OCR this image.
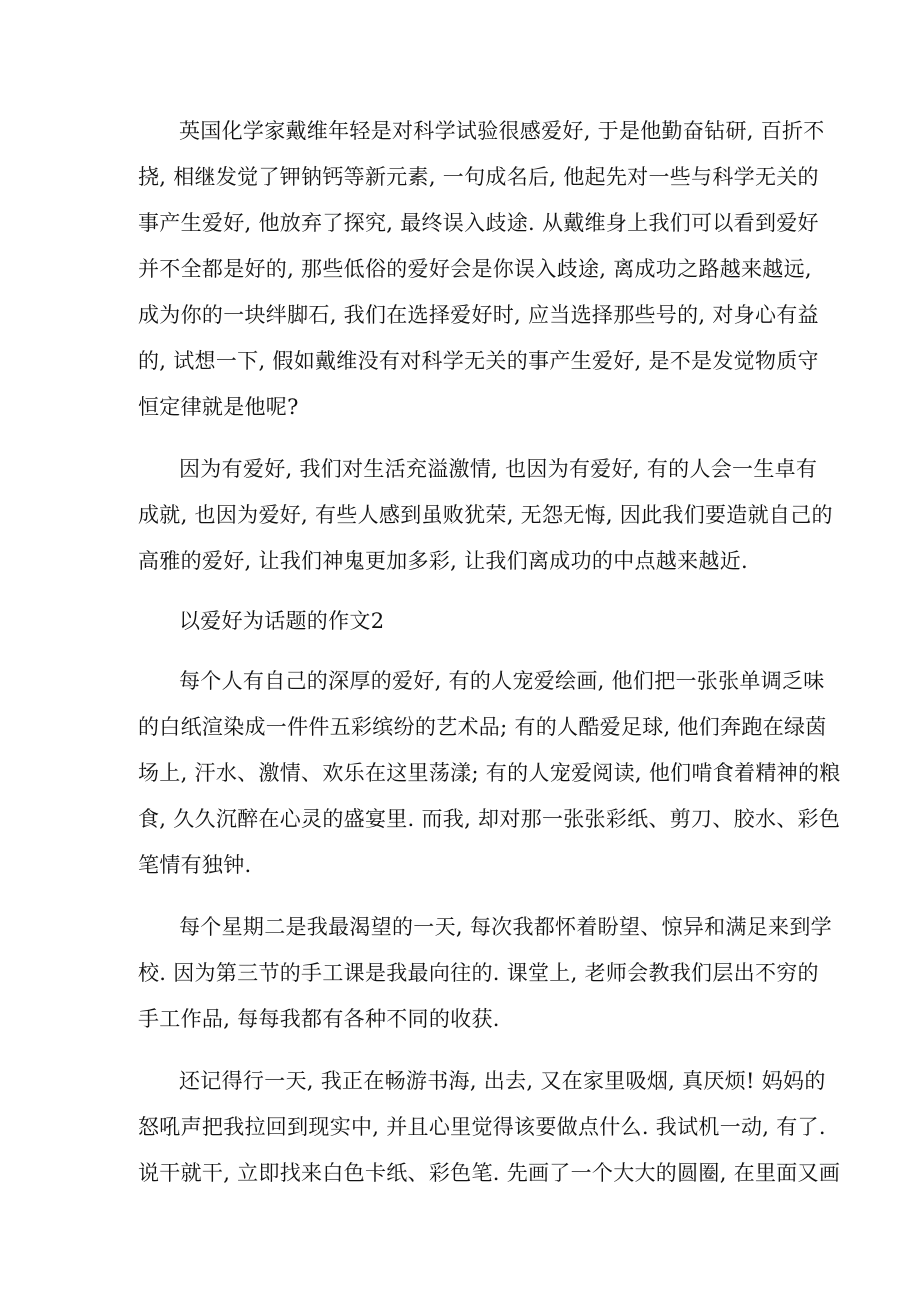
英国化学家戴维年轻是对科学试验很感爱好, 于是他勤奋钻研, 百折不
挠, 相继发觉了钾钠钙等新元素, 一句成名后, 他起先对一些与科学无关的
事产生爱好, 他放弃了探究, 最终误入歧途. 从戴维身上我们可以看到爱好
并不全都是好的, 那些低俗的爱好会是你误入歧途, 离成功之路越来越远,
成为你的一块绊脚石, 我们在选择爱好时, 应当选择那些号的, 对身心有益
的, 试想一下, 假如戴维没有对科学无关的事产生爱好, 是不是发觉物质守
恒定律就是他呢?

因为有爱好, 我们对生活充溢激情, 也因为有爱好, 有的人会一生卓有
成就, 也因为爱好, 有些人感到虽败犹荣, 无怨无悔, 因此我们要造就自己的
高雅的爱好, 让我们神鬼更加多彩, 让我们离成功的中点越来越近.

以爱好为话题的作文2

每个人有自己的深厚的爱好, 有的人宠爱绘画, 他们把一张张单调乏味
的白纸渲染成一件件五彩缤纷的艺术品; 有的人酷爱足球, 他们奔跑在绿茵
场上, 汗水、激情、欢乐在这里荡漾; 有的人宠爱阅读, 他们啃食着精神的粮
食, 久久沉醉在心灵的盛宴里. 而我, 却对那一张张彩纸、剪刀、胶水、彩色
笔情有独钟.

每个星期二是我最渴望的一天, 每次我都怀着盼望、惊异和满足来到学
校. 因为第三节的手工课是我最向往的. 课堂上, 老师会教我们层出不穷的
手工作品, 每每我都有各种不同的收获.

还记得行一天, 我正在畅游书海, 出去, 又在家里吸烟, 真厌烦! 妈妈的
怒吼声把我拉回到现实中, 并且心里觉得该要做点什么. 我试机一动, 有了.
说干就干, 立即找来白色卡纸、彩色笔. 先画了一个大大的圆圈, 在里面又画
